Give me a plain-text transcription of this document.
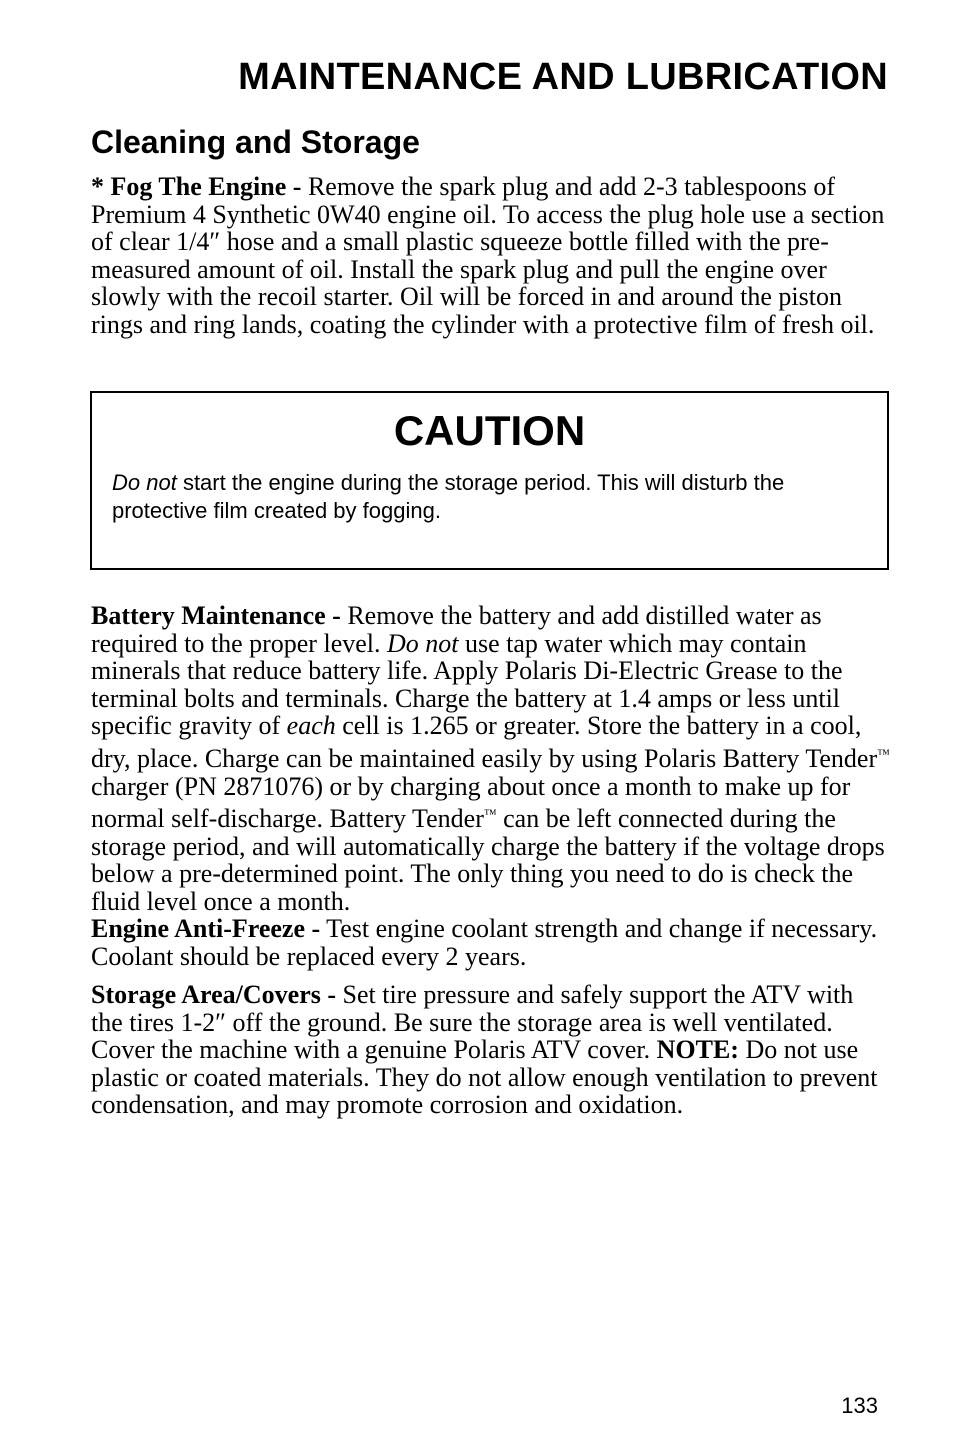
MAINTENANCE AND LUBRICATION
Cleaning and Storage

* Fog The Engine - Remove the spark plug and add 2-3 tablespoons of Premium 4 Synthetic 0W40 engine oil. To access the plug hole use a section of clear 1/4″ hose and a small plastic squeeze bottle filled with the pre-measured amount of oil. Install the spark plug and pull the engine over slowly with the recoil starter. Oil will be forced in and around the piston rings and ring lands, coating the cylinder with a protective film of fresh oil.

CAUTION

Do not start the engine during the storage period. This will disturb the protective film created by fogging.

Battery Maintenance - Remove the battery and add distilled water as required to the proper level. Do not use tap water which may contain minerals that reduce battery life. Apply Polaris Di-Electric Grease to the terminal bolts and terminals. Charge the battery at 1.4 amps or less until specific gravity of each cell is 1.265 or greater. Store the battery in a cool, dry, place. Charge can be maintained easily by using Polaris Battery Tender™ charger (PN 2871076) or by charging about once a month to make up for normal self-discharge. Battery Tender™ can be left connected during the storage period, and will automatically charge the battery if the voltage drops below a pre-determined point. The only thing you need to do is check the fluid level once a month.

Engine Anti-Freeze - Test engine coolant strength and change if necessary. Coolant should be replaced every 2 years.

Storage Area/Covers - Set tire pressure and safely support the ATV with the tires 1-2″ off the ground. Be sure the storage area is well ventilated. Cover the machine with a genuine Polaris ATV cover. NOTE: Do not use plastic or coated materials. They do not allow enough ventilation to prevent condensation, and may promote corrosion and oxidation.

133
